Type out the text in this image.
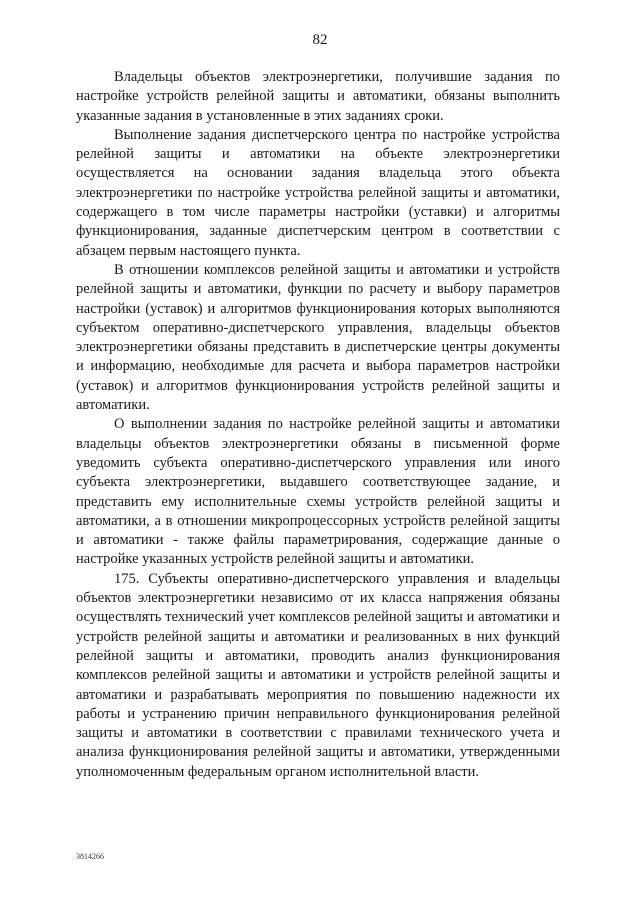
82

Владельцы объектов электроэнергетики, получившие задания по настройке устройств релейной защиты и автоматики, обязаны выполнить указанные задания в установленные в этих заданиях сроки.

Выполнение задания диспетчерского центра по настройке устройства релейной защиты и автоматики на объекте электроэнергетики осуществляется на основании задания владельца этого объекта электроэнергетики по настройке устройства релейной защиты и автоматики, содержащего в том числе параметры настройки (уставки) и алгоритмы функционирования, заданные диспетчерским центром в соответствии с абзацем первым настоящего пункта.

В отношении комплексов релейной защиты и автоматики и устройств релейной защиты и автоматики, функции по расчету и выбору параметров настройки (уставок) и алгоритмов функционирования которых выполняются субъектом оперативно-диспетчерского управления, владельцы объектов электроэнергетики обязаны представить в диспетчерские центры документы и информацию, необходимые для расчета и выбора параметров настройки (уставок) и алгоритмов функционирования устройств релейной защиты и автоматики.

О выполнении задания по настройке релейной защиты и автоматики владельцы объектов электроэнергетики обязаны в письменной форме уведомить субъекта оперативно-диспетчерского управления или иного субъекта электроэнергетики, выдавшего соответствующее задание, и представить ему исполнительные схемы устройств релейной защиты и автоматики, а в отношении микропроцессорных устройств релейной защиты и автоматики - также файлы параметрирования, содержащие данные о настройке указанных устройств релейной защиты и автоматики.

175. Субъекты оперативно-диспетчерского управления и владельцы объектов электроэнергетики независимо от их класса напряжения обязаны осуществлять технический учет комплексов релейной защиты и автоматики и устройств релейной защиты и автоматики и реализованных в них функций релейной защиты и автоматики, проводить анализ функционирования комплексов релейной защиты и автоматики и устройств релейной защиты и автоматики и разрабатывать мероприятия по повышению надежности их работы и устранению причин неправильного функционирования релейной защиты и автоматики в соответствии с правилами технического учета и анализа функционирования релейной защиты и автоматики, утвержденными уполномоченным федеральным органом исполнительной власти.

3814266
